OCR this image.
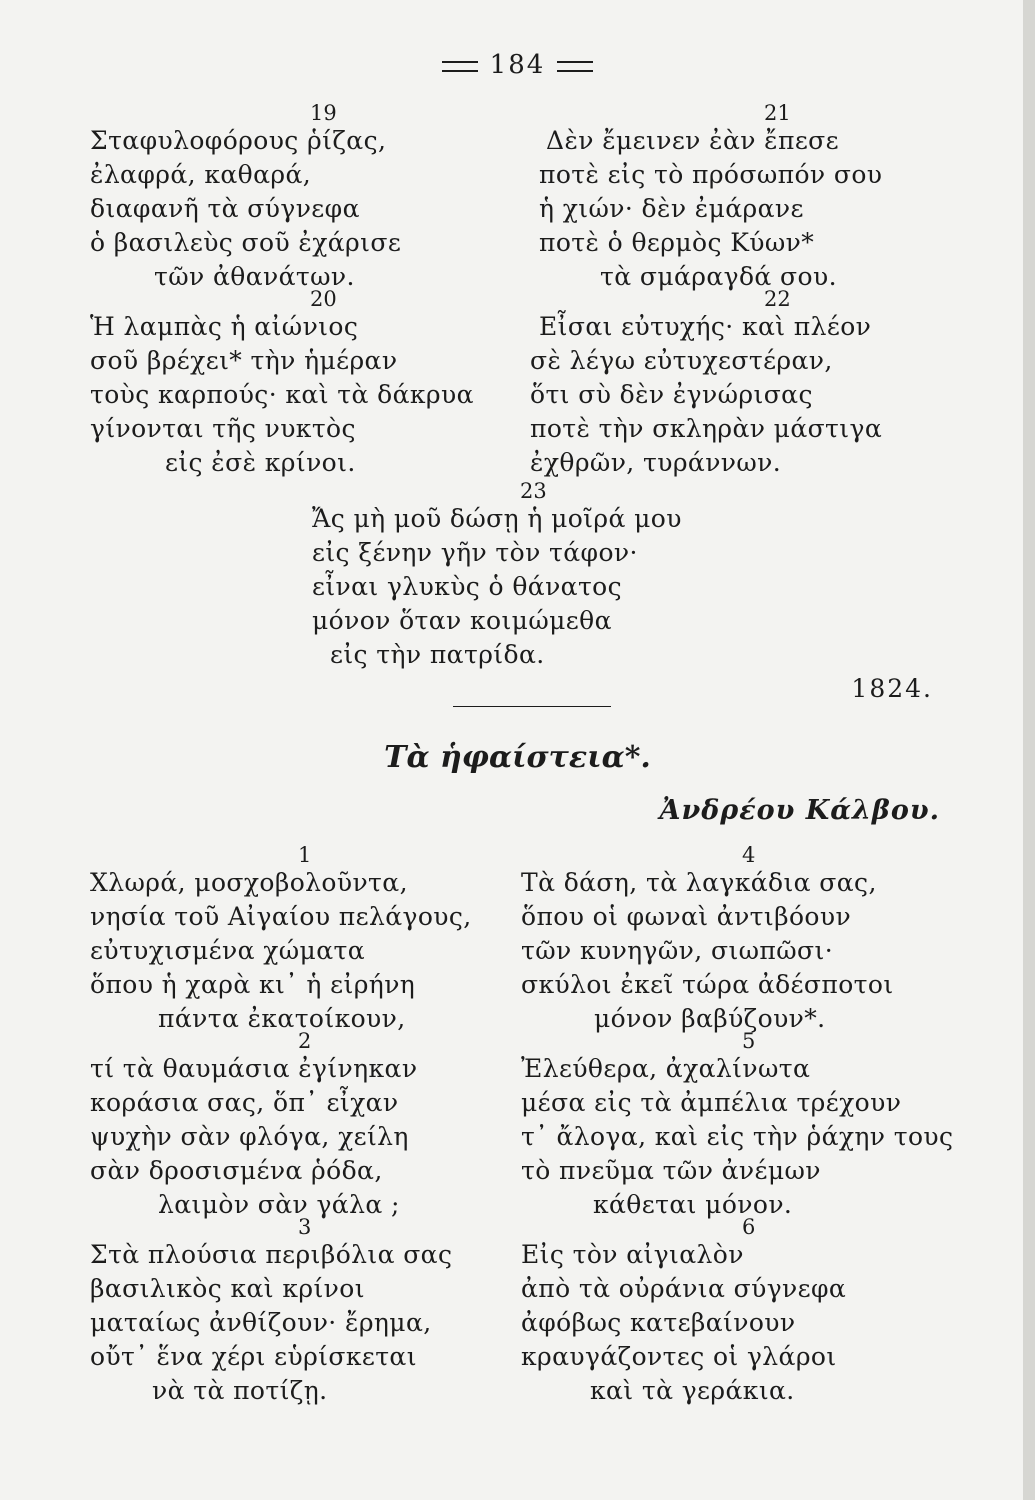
184
19
Σταφυλοφόρους ῥίζας,
ἐλαφρά, καθαρά,
διαφανῆ τὰ σύγνεφα
ὁ βασιλεὺς σοῦ ἐχάρισε
τῶν ἀθανάτων.
20
Ἡ λαμπὰς ἡ αἰώνιος
σοῦ βρέχει* τὴν ἡμέραν
τοὺς καρπούς· καὶ τὰ δάκρυα
γίνονται τῆς νυκτὸς
εἰς ἐσὲ κρίνοι.
21
Δὲν ἔμεινεν ἐὰν ἔπεσε
ποτὲ εἰς τὸ πρόσωπόν σου
ἡ χιών· δὲν ἐμάρανε
ποτὲ ὁ θερμὸς Κύων*
τὰ σμάραγδά σου.
22
Εἶσαι εὐτυχής· καὶ πλέον
σὲ λέγω εὐτυχεστέραν,
ὅτι σὺ δὲν ἐγνώρισας
ποτὲ τὴν σκληρὰν μάστιγα
ἐχθρῶν, τυράννων.
23
Ἄς μὴ μοῦ δώσῃ ἡ μοῖρά μου
εἰς ξένην γῆν τὸν τάφον·
εἶναι γλυκὺς ὁ θάνατος
μόνον ὅταν κοιμώμεθα
εἰς τὴν πατρίδα.
1
Χλωρά, μοσχοβολοῦντα,
νησία τοῦ Αἰγαίου πελάγους,
εὐτυχισμένα χώματα
ὅπου ἡ χαρὰ κι᾽ ἡ εἰρήνη
πάντα ἐκατοίκουν,
2
τί τὰ θαυμάσια ἐγίνηκαν
κοράσια σας, ὅπ᾽ εἶχαν
ψυχὴν σὰν φλόγα, χείλη
σὰν δροσισμένα ῥόδα,
λαιμὸν σὰν γάλα ;
3
Στὰ πλούσια περιβόλια σας
βασιλικὸς καὶ κρίνοι
ματαίως ἀνθίζουν· ἔρημα,
οὔτ᾽ ἕνα χέρι εὑρίσκεται
νὰ τὰ ποτίζῃ.
4
Τὰ δάση, τὰ λαγκάδια σας,
ὅπου οἱ φωναὶ ἀντιβόουν
τῶν κυνηγῶν, σιωπῶσι·
σκύλοι ἐκεῖ τώρα ἀδέσποτοι
μόνον βαβύζουν*.
5
Ἐλεύθερα, ἀχαλίνωτα
μέσα εἰς τὰ ἀμπέλια τρέχουν
τ᾽ ἄλογα, καὶ εἰς τὴν ῥάχην τους
τὸ πνεῦμα τῶν ἀνέμων
κάθεται μόνον.
6
Εἰς τὸν αἰγιαλὸν
ἀπὸ τὰ οὐράνια σύγνεφα
ἀφόβως κατεβαίνουν
κραυγάζοντες οἱ γλάροι
καὶ τὰ γεράκια.
1824.
Τὰ ἡφαίστεια*.
Ἀνδρέου Κάλβου.
